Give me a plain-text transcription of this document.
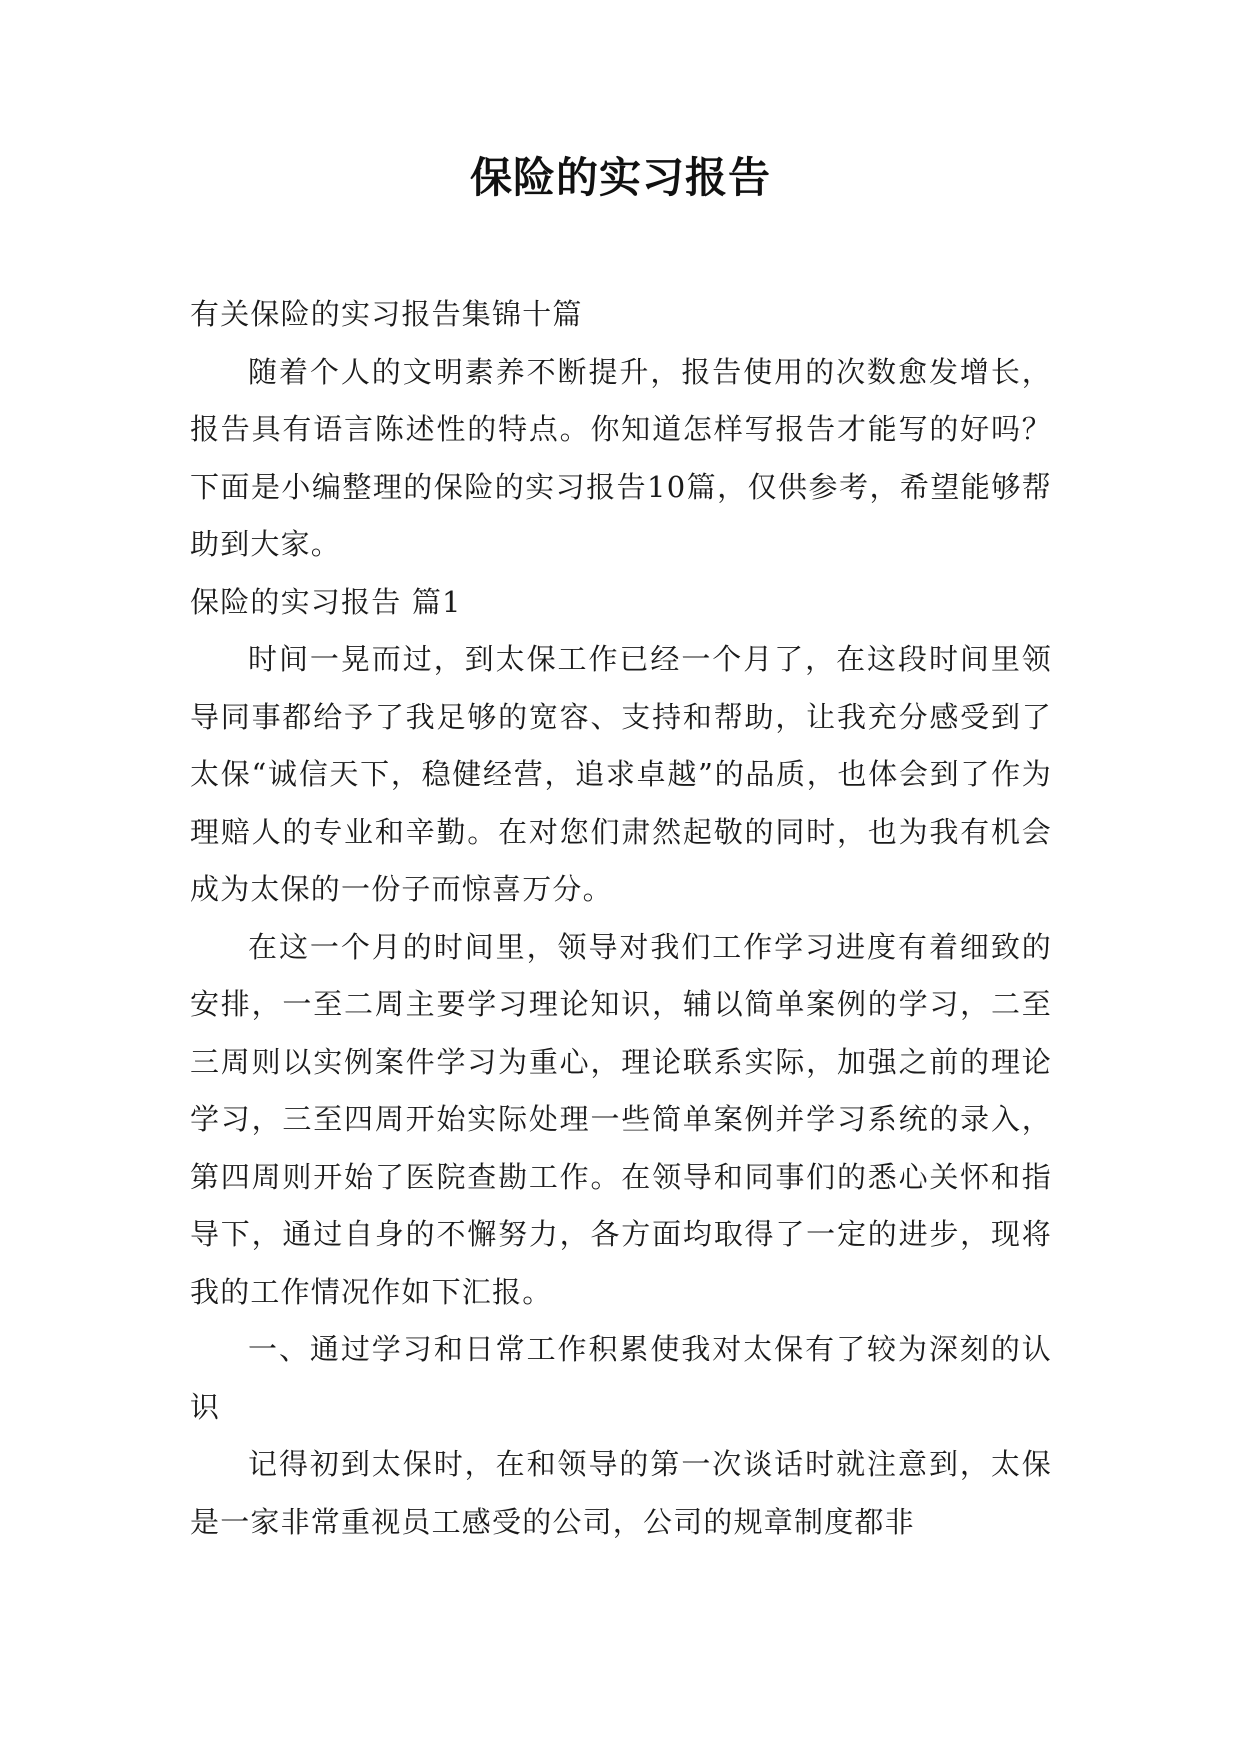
保险的实习报告

有关保险的实习报告集锦十篇

随着个人的文明素养不断提升，报告使用的次数愈发增长，报告具有语言陈述性的特点。你知道怎样写报告才能写的好吗？下面是小编整理的保险的实习报告10篇，仅供参考，希望能够帮助到大家。

保险的实习报告 篇1

时间一晃而过，到太保工作已经一个月了，在这段时间里领导同事都给予了我足够的宽容、支持和帮助，让我充分感受到了太保“诚信天下，稳健经营，追求卓越”的品质，也体会到了作为理赔人的专业和辛勤。在对您们肃然起敬的同时，也为我有机会成为太保的一份子而惊喜万分。

在这一个月的时间里，领导对我们工作学习进度有着细致的安排，一至二周主要学习理论知识，辅以简单案例的学习，二至三周则以实例案件学习为重心，理论联系实际，加强之前的理论学习，三至四周开始实际处理一些简单案例并学习系统的录入，第四周则开始了医院查勘工作。在领导和同事们的悉心关怀和指导下，通过自身的不懈努力，各方面均取得了一定的进步，现将我的工作情况作如下汇报。

一、通过学习和日常工作积累使我对太保有了较为深刻的认识

记得初到太保时，在和领导的第一次谈话时就注意到，太保是一家非常重视员工感受的公司，公司的规章制度都非
